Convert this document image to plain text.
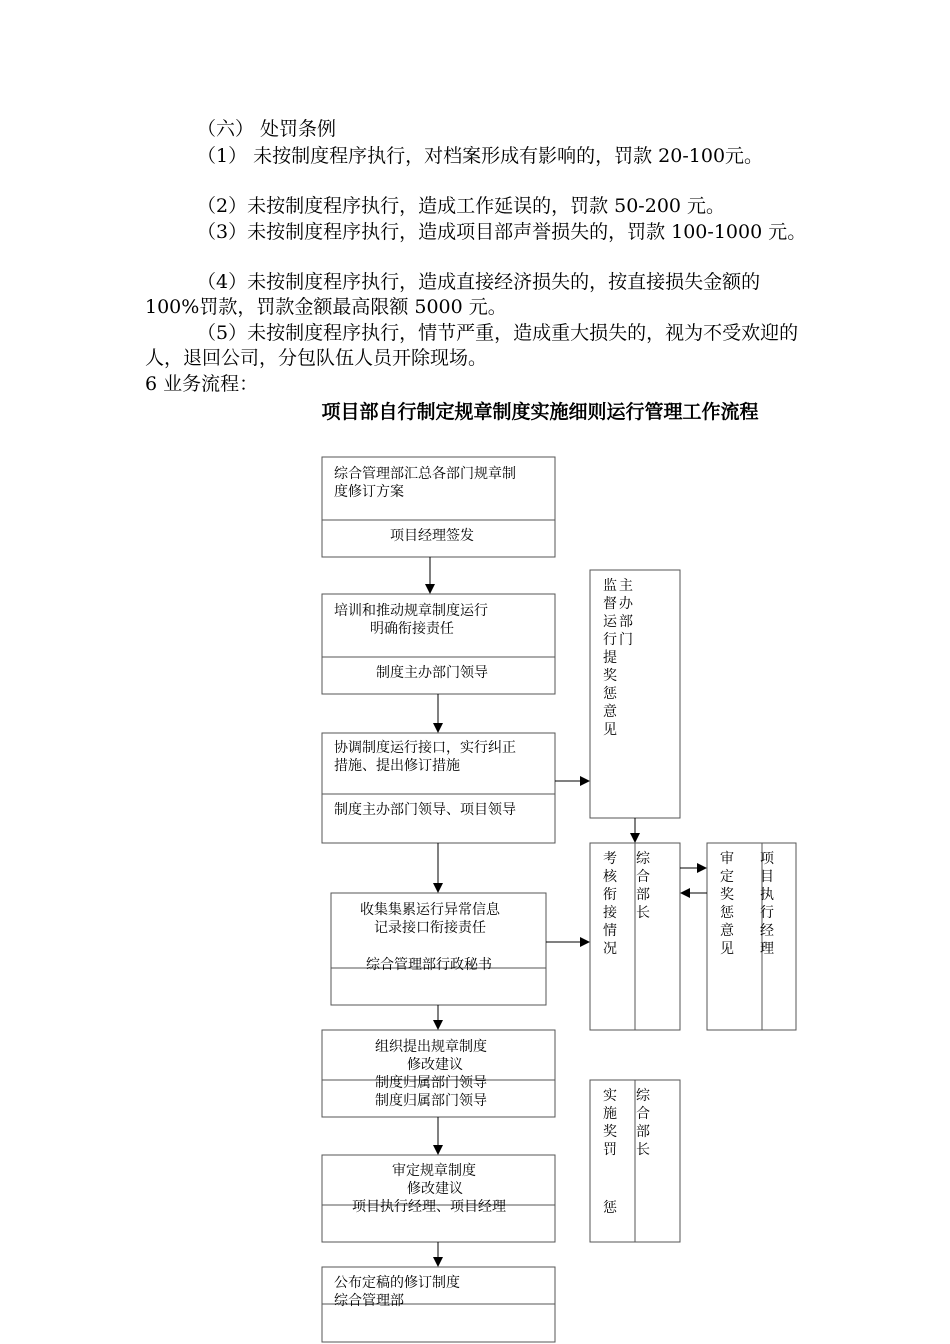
（六） 处罚条例

（1） 未按制度程序执行，对档案形成有影响的，罚款 20-100元。

（2）未按制度程序执行，造成工作延误的，罚款 50-200 元。

（3）未按制度程序执行，造成项目部声誉损失的，罚款 100-1000 元。

（4）未按制度程序执行，造成直接经济损失的，按直接损失金额的 100%罚款，罚款金额最高限额 5000 元。

（5）未按制度程序执行，情节严重，造成重大损失的，视为不受欢迎的人，退回公司，分包队伍人员开除现场。

6 业务流程：

项目部自行制定规章制度实施细则运行管理工作流程

综合管理部汇总各部门规章制
度修订方案
项目经理签发
培训和推动规章制度运行
明确衔接责任
制度主办部门领导
协调制度运行接口，实行纠正
措施、提出修订措施
制度主办部门领导、项目领导
收集集累运行异常信息
记录接口衔接责任
综合管理部行政秘书
组织提出规章制度
修改建议
制度归属部门领导
制度归属部门领导
审定规章制度
修改建议
项目执行经理、项目经理
公布定稿的修订制度
综合管理部
监督运行提奖惩意见
主办部门
考核衔接情况
综合部长
审定奖惩意见
项目执行经理
实施奖罚
惩
综合部长
